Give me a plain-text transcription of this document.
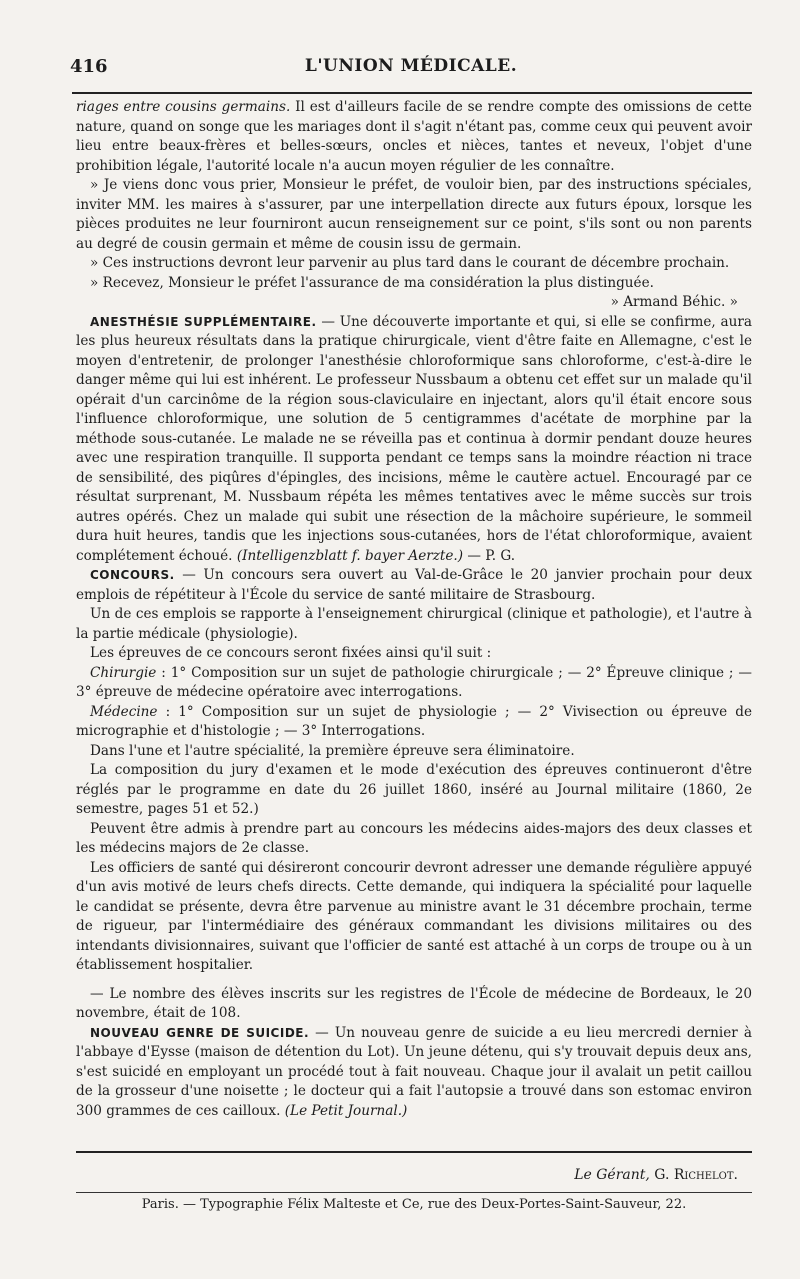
416	L'UNION MÉDICALE.

riages entre cousins germains. Il est d'ailleurs facile de se rendre compte des omissions de cette nature, quand on songe que les mariages dont il s'agit n'étant pas, comme ceux qui peuvent avoir lieu entre beaux-frères et belles-sœurs, oncles et nièces, tantes et neveux, l'objet d'une prohibition légale, l'autorité locale n'a aucun moyen régulier de les connaître.

» Je viens donc vous prier, Monsieur le préfet, de vouloir bien, par des instructions spéciales, inviter MM. les maires à s'assurer, par une interpellation directe aux futurs époux, lorsque les pièces produites ne leur fourniront aucun renseignement sur ce point, s'ils sont ou non parents au degré de cousin germain et même de cousin issu de germain.

» Ces instructions devront leur parvenir au plus tard dans le courant de décembre prochain.

» Recevez, Monsieur le préfet l'assurance de ma considération la plus distinguée.

» Armand Béhic. »

ANESTHÉSIE SUPPLÉMENTAIRE. — Une découverte importante et qui, si elle se confirme, aura les plus heureux résultats dans la pratique chirurgicale, vient d'être faite en Allemagne, c'est le moyen d'entretenir, de prolonger l'anesthésie chloroformique sans chloroforme, c'est-à-dire le danger même qui lui est inhérent. Le professeur Nussbaum a obtenu cet effet sur un malade qu'il opérait d'un carcinôme de la région sous-claviculaire en injectant, alors qu'il était encore sous l'influence chloroformique, une solution de 5 centigrammes d'acétate de morphine par la méthode sous-cutanée. Le malade ne se réveilla pas et continua à dormir pendant douze heures avec une respiration tranquille. Il supporta pendant ce temps sans la moindre réaction ni trace de sensibilité, des piqûres d'épingles, des incisions, même le cautère actuel. Encouragé par ce résultat surprenant, M. Nussbaum répéta les mêmes tentatives avec le même succès sur trois autres opérés. Chez un malade qui subit une résection de la mâchoire supérieure, le sommeil dura huit heures, tandis que les injections sous-cutanées, hors de l'état chloroformique, avaient complétement échoué. (Intelligenzblatt f. bayer Aerzte.) — P. G.

CONCOURS. — Un concours sera ouvert au Val-de-Grâce le 20 janvier prochain pour deux emplois de répétiteur à l'École du service de santé militaire de Strasbourg.

Un de ces emplois se rapporte à l'enseignement chirurgical (clinique et pathologie), et l'autre à la partie médicale (physiologie).

Les épreuves de ce concours seront fixées ainsi qu'il suit :

Chirurgie : 1° Composition sur un sujet de pathologie chirurgicale ; — 2° Épreuve clinique ; — 3° épreuve de médecine opératoire avec interrogations.

Médecine : 1° Composition sur un sujet de physiologie ; — 2° Vivisection ou épreuve de micrographie et d'histologie ; — 3° Interrogations.

Dans l'une et l'autre spécialité, la première épreuve sera éliminatoire.

La composition du jury d'examen et le mode d'exécution des épreuves continueront d'être réglés par le programme en date du 26 juillet 1860, inséré au Journal militaire (1860, 2e semestre, pages 51 et 52.)

Peuvent être admis à prendre part au concours les médecins aides-majors des deux classes et les médecins majors de 2e classe.

Les officiers de santé qui désireront concourir devront adresser une demande régulière appuyé d'un avis motivé de leurs chefs directs. Cette demande, qui indiquera la spécialité pour laquelle le candidat se présente, devra être parvenue au ministre avant le 31 décembre prochain, terme de rigueur, par l'intermédiaire des généraux commandant les divisions militaires ou des intendants divisionnaires, suivant que l'officier de santé est attaché à un corps de troupe ou à un établissement hospitalier.

— Le nombre des élèves inscrits sur les registres de l'École de médecine de Bordeaux, le 20 novembre, était de 108.

NOUVEAU GENRE DE SUICIDE. — Un nouveau genre de suicide a eu lieu mercredi dernier à l'abbaye d'Eysse (maison de détention du Lot). Un jeune détenu, qui s'y trouvait depuis deux ans, s'est suicidé en employant un procédé tout à fait nouveau. Chaque jour il avalait un petit caillou de la grosseur d'une noisette ; le docteur qui a fait l'autopsie a trouvé dans son estomac environ 300 grammes de ces cailloux. (Le Petit Journal.)

Le Gérant, G. Richelot.
Paris. — Typographie Félix Malteste et Ce, rue des Deux-Portes-Saint-Sauveur, 22.
